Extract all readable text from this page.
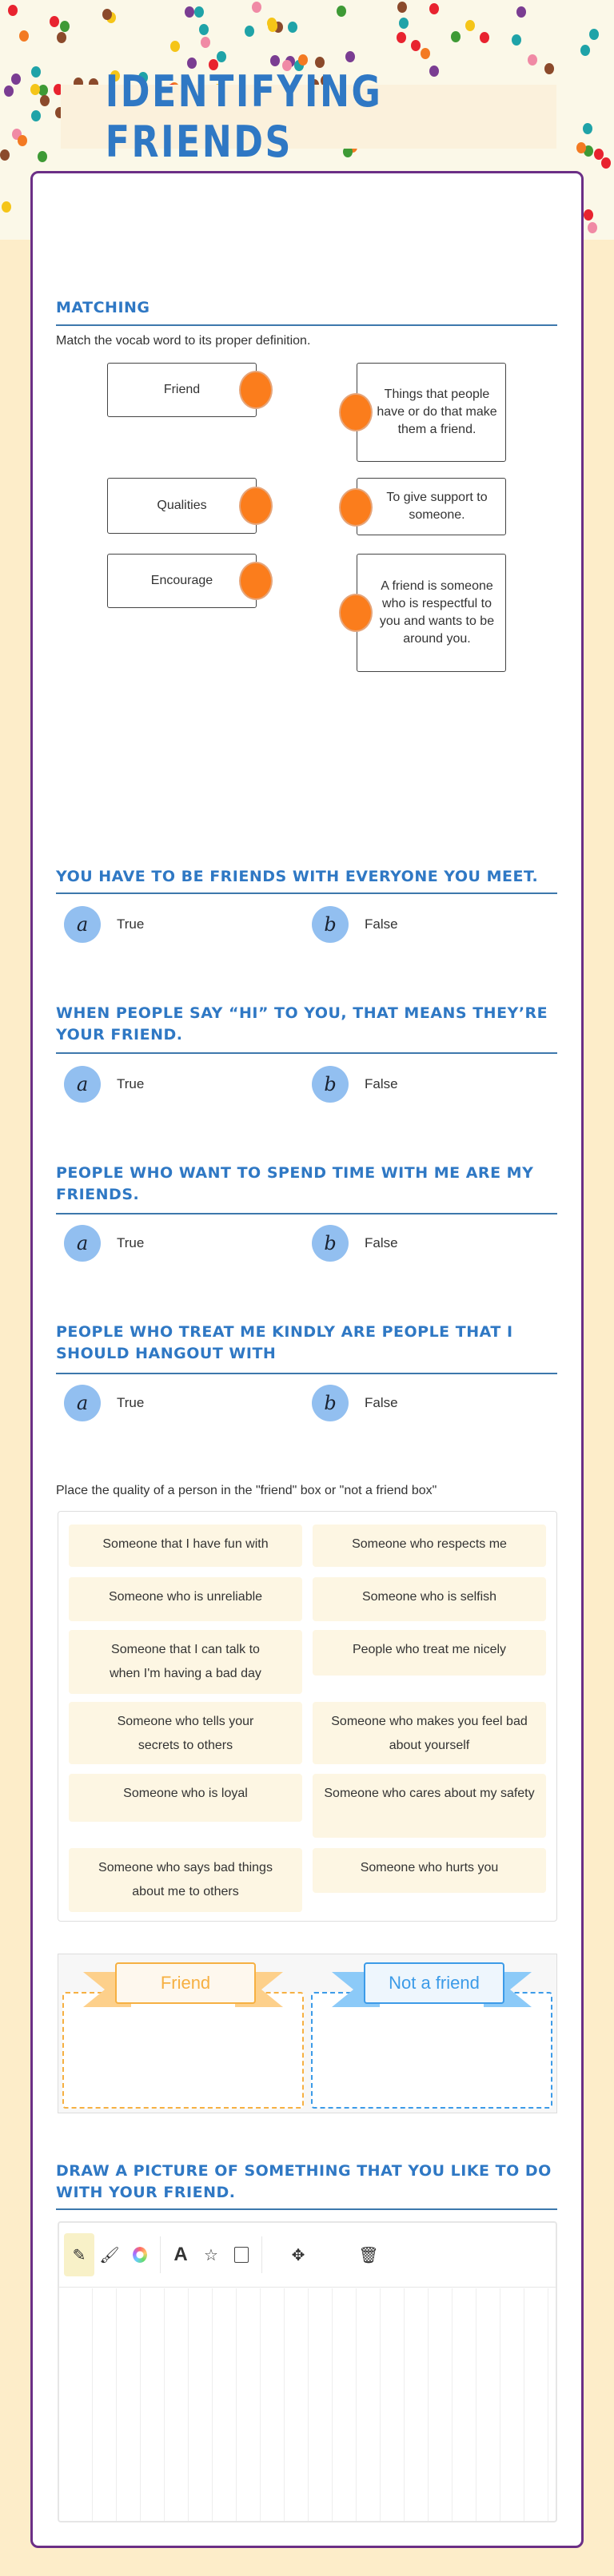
IDENTIFYING FRIENDS
MATCHING
Match the vocab word to its proper definition.
Friend
Qualities
Encourage
Things that people have or do that make them a friend.
To give support to someone.
A friend is someone who is respectful to you and wants to be around you.
YOU HAVE TO BE FRIENDS WITH EVERYONE YOU MEET.
a	True	b	False
WHEN PEOPLE SAY “HI” TO YOU, THAT MEANS THEY’RE YOUR FRIEND.
a	True	b	False
PEOPLE WHO WANT TO SPEND TIME WITH ME ARE MY FRIENDS.
a	True	b	False
PEOPLE WHO TREAT ME KINDLY ARE PEOPLE THAT I SHOULD HANGOUT WITH
a	True	b	False
Place the quality of a person in the "friend" box or "not a friend box"
Someone that I have fun with	Someone who respects me
Someone who is unreliable	Someone who is selfish
Someone that I can talk to when I'm having a bad day
People who treat me nicely
Someone who tells your secrets to others
Someone who makes you feel bad about yourself
Someone who is loyal	Someone who cares about my safety
Someone who says bad things about me to others
Someone who hurts you
Friend	Not a friend
DRAW A PICTURE OF SOMETHING THAT YOU LIKE TO DO WITH YOUR FRIEND.
✎ 🖌︎	A	☆	✥	🗑︎
